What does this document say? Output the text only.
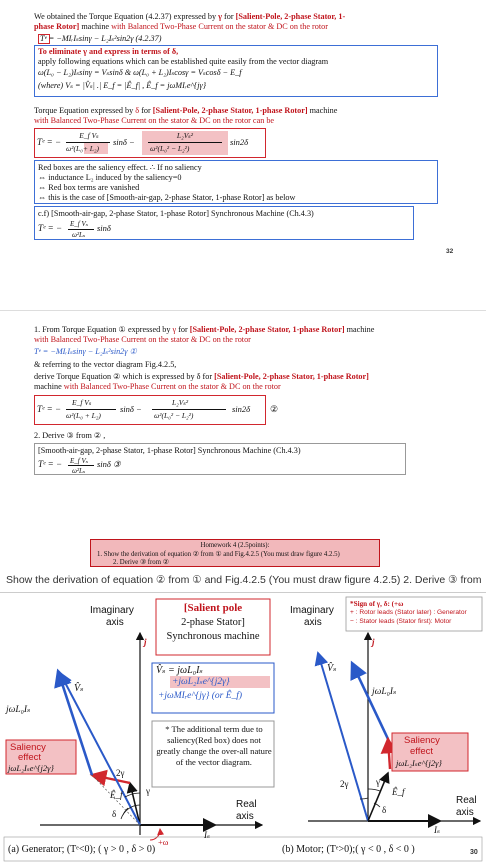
We obtained the Torque Equation (4.2.37) expressed by γ for [Salient-Pole, 2-phase Stator, 1-
phase Rotor] machine with Balanced Two-Phase Current on the stator & DC on the rotor
Tᵉ = −MIᵣIₛsinγ − L₂Iₛ²sin2γ (4.2.37)
To eliminate γ and express in terms of δ,
apply following equations which can be established quite easily from the vector diagram
ω(L₀ − L₂)Iₛsinγ = Vₛsinδ & ω(L₀ + L₂)Iₛcosγ = Vₛcosδ − E_f
(where) Vₛ = |V̂ₛ| .| E_f = |Ê_f| , Ê_f = jωMIᵣe^{jγ}
Torque Equation expressed by δ for [Salient-Pole, 2-phase Stator, 1-phase Rotor] machine
with Balanced Two-Phase Current on the stator & DC on the rotor can be
Tᵉ = −
E_f Vₛ
ω²(L₀+ L₂)
sinδ −
L₂Vₛ²
ω²(L₀² − L₂²)
sin2δ
Red boxes are the saliency effect. ∴ If no saliency
⇔ inductance L₂ induced by the saliency=0
⇔ Red box terms are vanished
⇔ this is the case of [Smooth-air-gap, 2-phase Stator, 1-phase Rotor] as below
c.f) [Smooth-air-gap, 2-phase Stator, 1-phase Rotor] Synchronous Machine (Ch.4.3)
Tᵉ = − E_f Vₛ
ω²Lₛ
sinδ
32
1. From Torque Equation ① expressed by γ for [Salient-Pole, 2-phase Stator, 1-phase Rotor] machine
with Balanced Two-Phase Current on the stator & DC on the rotor
Tᵉ = −MIᵣIₛsinγ − L₂Iₛ²sin2γ ①
& referring to the vector diagram Fig.4.2.5,
derive Torque Equation ② which is expressed by δ for [Salient-Pole, 2-phase Stator, 1-phase Rotor]
machine with Balanced Two-Phase Current on the stator & DC on the rotor
Tᵉ = −
E_f Vₛ
ω²(L₀ + L₂)
sinδ −
L₂Vₛ²
ω²(L₀² − L₂²)
sin2δ ②
2. Derive ③ from ② ,
[Smooth-air-gap, 2-phase Stator, 1-phase Rotor] Synchronous Machine (Ch.4.3)
Tᵉ = − E_f Vₛ
ω²Lₛ
sinδ ③
Homework 4 (2.5points):
1. Show the derivation of equation ② from ① and Fig.4.2.5 (You must draw figure 4.2.5)
2. Derive ③ from ②
Show the derivation of equation ② from ① and Fig.4.2.5 (You must draw figure 4.2.5) 2. Derive ③ from
[Salient pole
2-phase Stator]
Synchronous machine
Imaginary
axis
j
Imaginary
axis
j
V̂ₛ = jωL₀Iₛ
+jωL₂Iₛe^{j2γ}
+jωMIᵣe^{jγ} (or Ê_f)
* The additional term due to saliency(Red box) does not greatly change the over-all nature of the vector diagram.
*Sign of γ, δ: (+ω
+ : Rotor leads (Stator later) : Generator
− : Stator leads (Stator first): Motor
jωL₀Iₛ
V̂ₛ
Saliency
effect
jωL₂Iₛe^{j2γ}
Ê_f
2γ
γ
δ
+ω
Iₛ
Real
axis
V̂ₛ
jωL₀Iₛ
Saliency
effect
jωL₂Iₛe^{j2γ}
2γ	γ
Ê_f
δ
Iₛ
Real
axis
(a) Generator; (Tᵉ<0); ( γ > 0 , δ > 0)	(b) Motor; (Tᵉ>0);( γ < 0 , δ < 0 )	30
